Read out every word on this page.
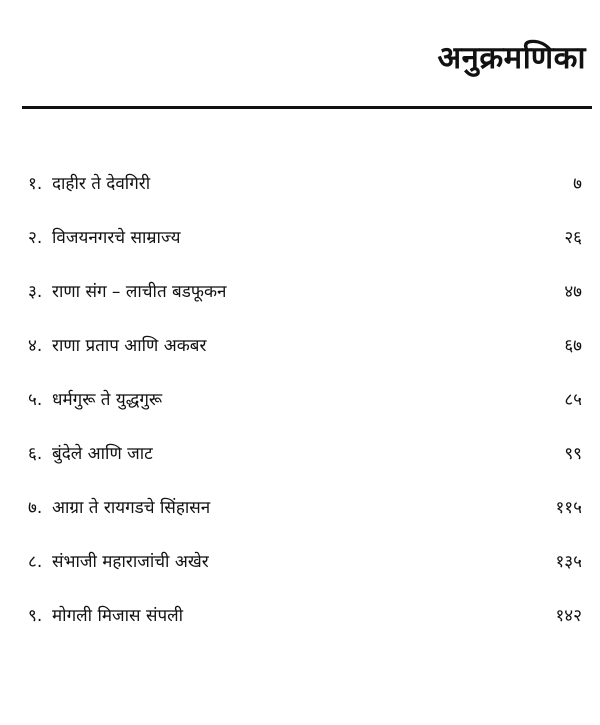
अनुक्रमणिका
१. दाहीर ते देवगिरी	७
२. विजयनगरचे साम्राज्य	२६
३. राणा संग – लाचीत बडफूकन	४७
४. राणा प्रताप आणि अकबर	६७
५. धर्मगुरू ते युद्धगुरू	८५
६. बुंदेले आणि जाट	९९
७. आग्रा ते रायगडचे सिंहासन	११५
८. संभाजी महाराजांची अखेर	१३५
९. मोगली मिजास संपली	१४२
